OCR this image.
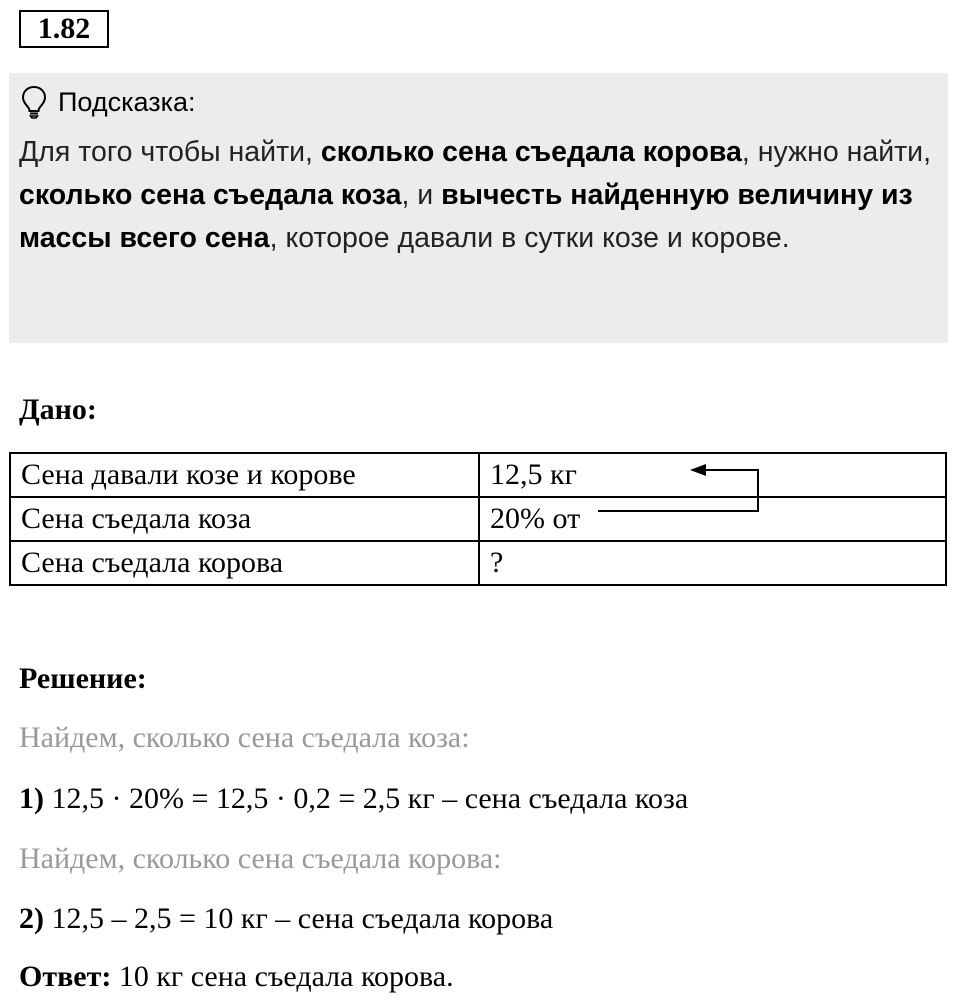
1.82
Подсказка:
Для того чтобы найти, сколько сена съедала корова, нужно найти, сколько сена съедала коза, и вычесть найденную величину из массы всего сена, которое давали в сутки козе и корове.
Дано:
Сена давали козе и корове	12,5 кг
Сена съедала коза	20% от
Сена съедала корова	?
Решение:
Найдем, сколько сена съедала коза:
1) 12,5 · 20% = 12,5 · 0,2 = 2,5 кг – сена съедала коза
Найдем, сколько сена съедала корова:
2) 12,5 – 2,5 = 10 кг – сена съедала корова
Ответ: 10 кг сена съедала корова.
